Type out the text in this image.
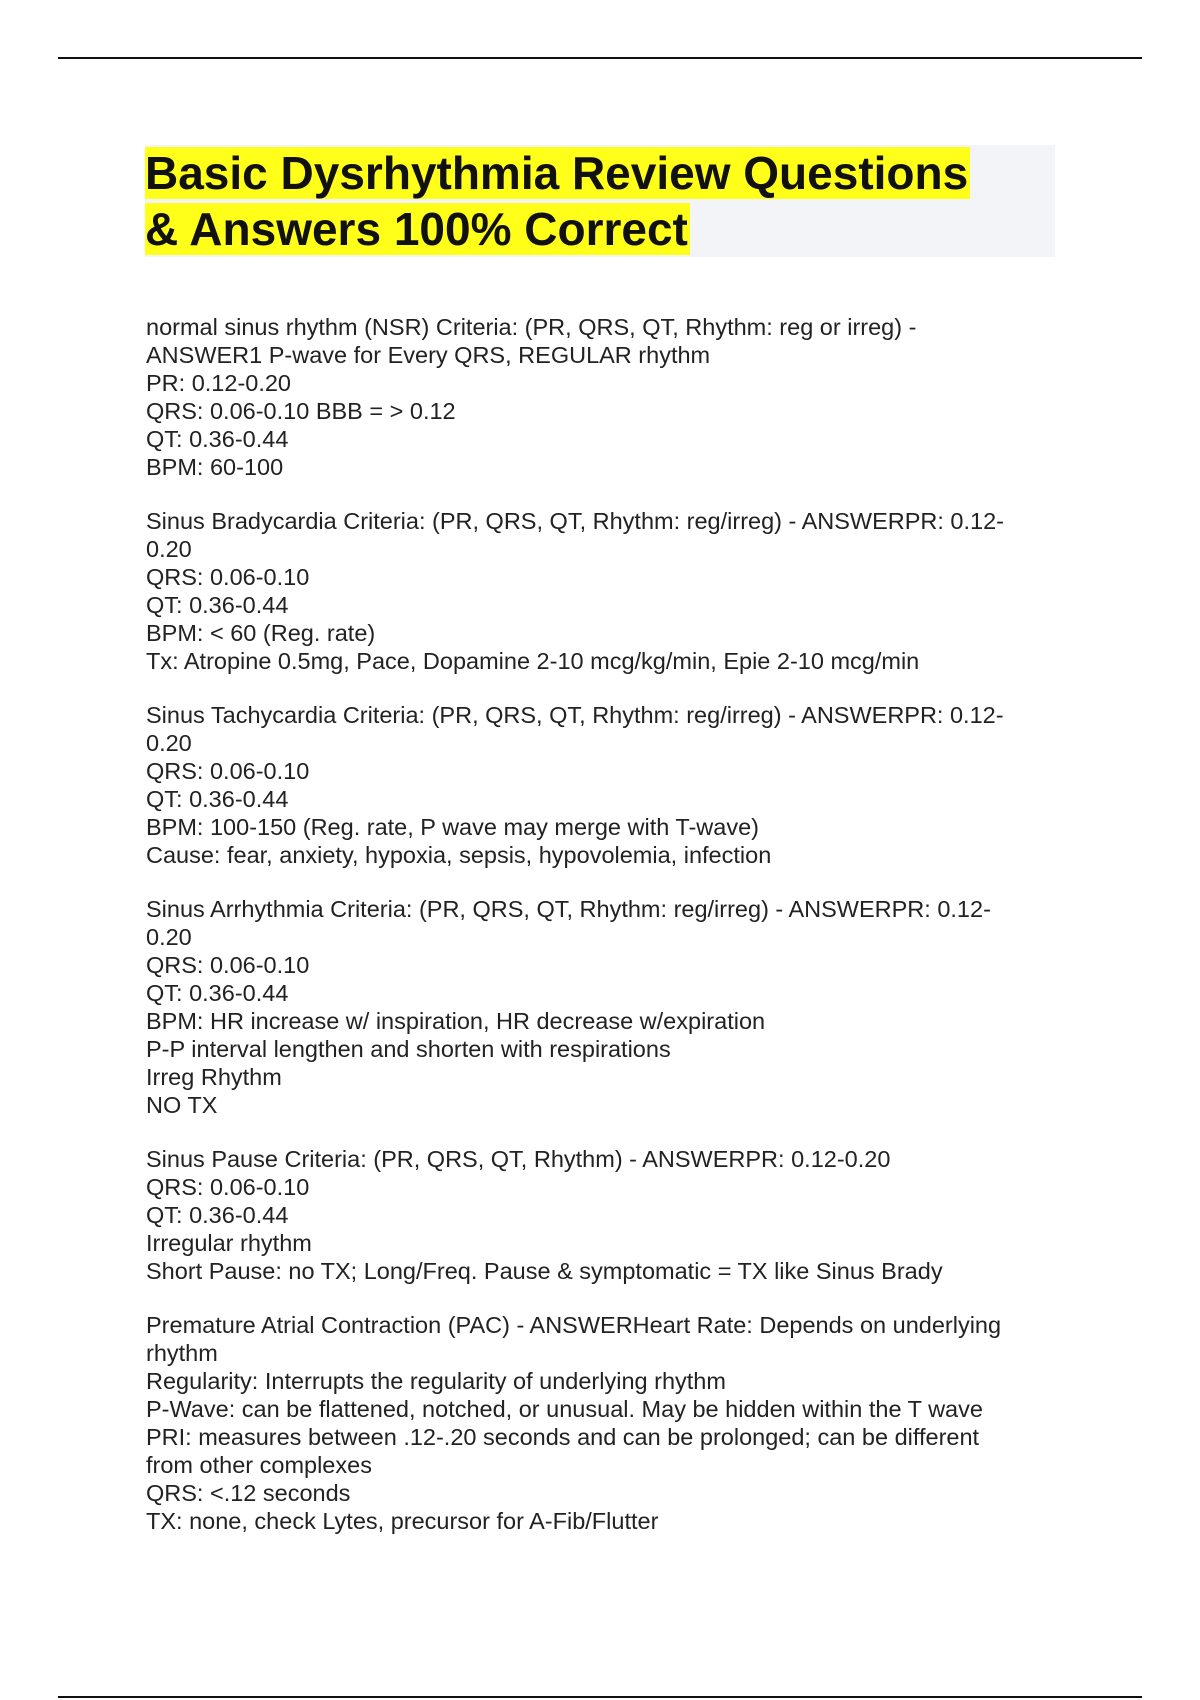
Basic Dysrhythmia Review Questions
& Answers 100% Correct

normal sinus rhythm (NSR) Criteria: (PR, QRS, QT, Rhythm: reg or irreg) -
ANSWER1 P-wave for Every QRS, REGULAR rhythm
PR: 0.12-0.20
QRS: 0.06-0.10 BBB = > 0.12
QT: 0.36-0.44
BPM: 60-100

Sinus Bradycardia Criteria: (PR, QRS, QT, Rhythm: reg/irreg) - ANSWERPR: 0.12-
0.20
QRS: 0.06-0.10
QT: 0.36-0.44
BPM: < 60 (Reg. rate)
Tx: Atropine 0.5mg, Pace, Dopamine 2-10 mcg/kg/min, Epie 2-10 mcg/min

Sinus Tachycardia Criteria: (PR, QRS, QT, Rhythm: reg/irreg) - ANSWERPR: 0.12-
0.20
QRS: 0.06-0.10
QT: 0.36-0.44
BPM: 100-150 (Reg. rate, P wave may merge with T-wave)
Cause: fear, anxiety, hypoxia, sepsis, hypovolemia, infection

Sinus Arrhythmia Criteria: (PR, QRS, QT, Rhythm: reg/irreg) - ANSWERPR: 0.12-
0.20
QRS: 0.06-0.10
QT: 0.36-0.44
BPM: HR increase w/ inspiration, HR decrease w/expiration
P-P interval lengthen and shorten with respirations
Irreg Rhythm
NO TX

Sinus Pause Criteria: (PR, QRS, QT, Rhythm) - ANSWERPR: 0.12-0.20
QRS: 0.06-0.10
QT: 0.36-0.44
Irregular rhythm
Short Pause: no TX; Long/Freq. Pause & symptomatic = TX like Sinus Brady

Premature Atrial Contraction (PAC) - ANSWERHeart Rate: Depends on underlying
rhythm
Regularity: Interrupts the regularity of underlying rhythm
P-Wave: can be flattened, notched, or unusual. May be hidden within the T wave
PRI: measures between .12-.20 seconds and can be prolonged; can be different
from other complexes
QRS: <.12 seconds
TX: none, check Lytes, precursor for A-Fib/Flutter
